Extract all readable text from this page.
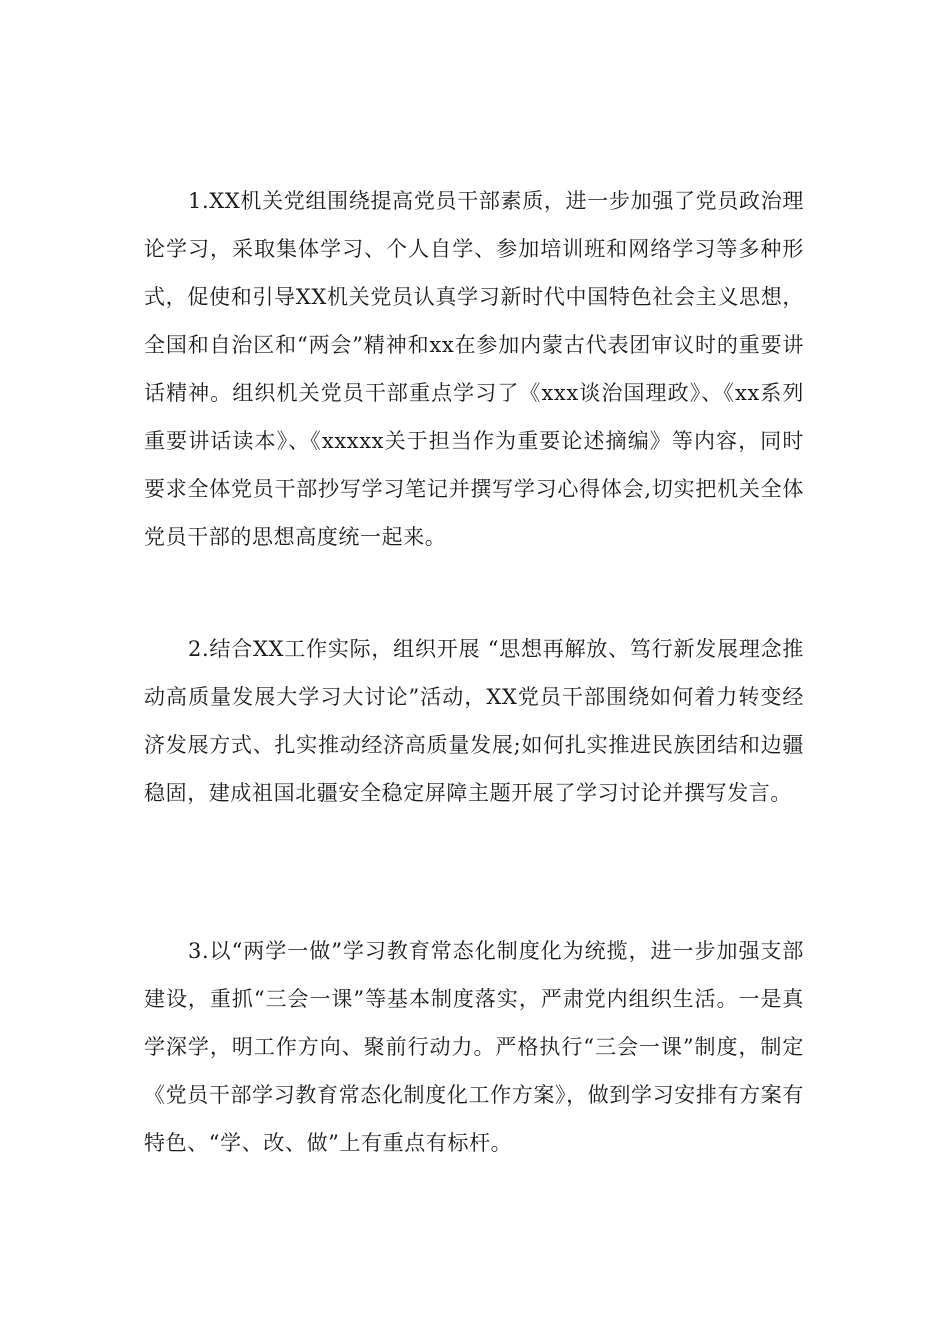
1.XX机关党组围绕提高党员干部素质，进一步加强了党员政治理论学习，采取集体学习、个人自学、参加培训班和网络学习等多种形式，促使和引导XX机关党员认真学习新时代中国特色社会主义思想，全国和自治区和“两会”精神和xx在参加内蒙古代表团审议时的重要讲话精神。组织机关党员干部重点学习了《xxx谈治国理政》、《xx系列重要讲话读本》、《xxxxx关于担当作为重要论述摘编》等内容，同时要求全体党员干部抄写学习笔记并撰写学习心得体会,切实把机关全体党员干部的思想高度统一起来。

2.结合XX工作实际，组织开展 “思想再解放、笃行新发展理念推动高质量发展大学习大讨论”活动，XX党员干部围绕如何着力转变经济发展方式、扎实推动经济高质量发展;如何扎实推进民族团结和边疆稳固，建成祖国北疆安全稳定屏障主题开展了学习讨论并撰写发言。

3.以“两学一做”学习教育常态化制度化为统揽，进一步加强支部建设，重抓“三会一课”等基本制度落实，严肃党内组织生活。一是真学深学，明工作方向、聚前行动力。严格执行“三会一课”制度，制定《党员干部学习教育常态化制度化工作方案》，做到学习安排有方案有特色、“学、改、做”上有重点有标杆。
